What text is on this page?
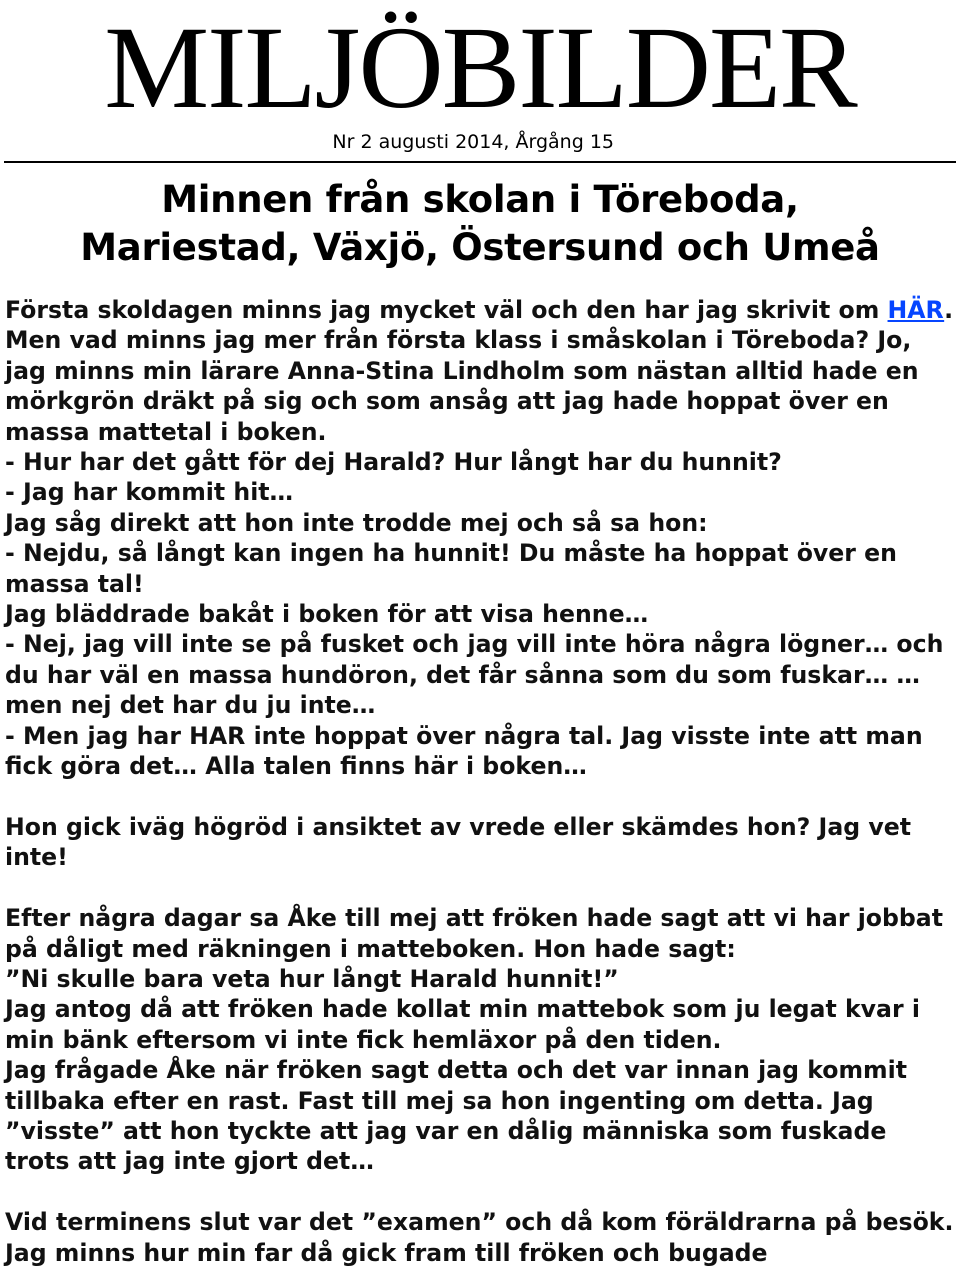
MILJÖBILDER
Nr 2 augusti 2014, Årgång 15
Minnen från skolan i Töreboda,
Mariestad, Växjö, Östersund och Umeå

Första skoldagen minns jag mycket väl och den har jag skrivit om HÄR. Men vad minns jag mer från första klass i småskolan i Töreboda? Jo, jag minns min lärare Anna-Stina Lindholm som nästan alltid hade en mörkgrön dräkt på sig och som ansåg att jag hade hoppat över en massa mattetal i boken.
- Hur har det gått för dej Harald? Hur långt har du hunnit?
- Jag har kommit hit…
Jag såg direkt att hon inte trodde mej och så sa hon:
- Nejdu, så långt kan ingen ha hunnit! Du måste ha hoppat över en massa tal!
Jag bläddrade bakåt i boken för att visa henne…
- Nej, jag vill inte se på fusket och jag vill inte höra några lögner… och du har väl en massa hundöron, det får sånna som du som fuskar… …men nej det har du ju inte…
- Men jag har HAR inte hoppat över några tal. Jag visste inte att man fick göra det… Alla talen finns här i boken…

Hon gick iväg högröd i ansiktet av vrede eller skämdes hon? Jag vet inte!

Efter några dagar sa Åke till mej att fröken hade sagt att vi har jobbat på dåligt med räkningen i matteboken. Hon hade sagt:
”Ni skulle bara veta hur långt Harald hunnit!”
Jag antog då att fröken hade kollat min mattebok som ju legat kvar i min bänk eftersom vi inte fick hemläxor på den tiden.
Jag frågade Åke när fröken sagt detta och det var innan jag kommit tillbaka efter en rast. Fast till mej sa hon ingenting om detta. Jag ”visste” att hon tyckte att jag var en dålig människa som fuskade trots att jag inte gjort det…

Vid terminens slut var det ”examen” och då kom föräldrarna på besök. Jag minns hur min far då gick fram till fröken och bugade
